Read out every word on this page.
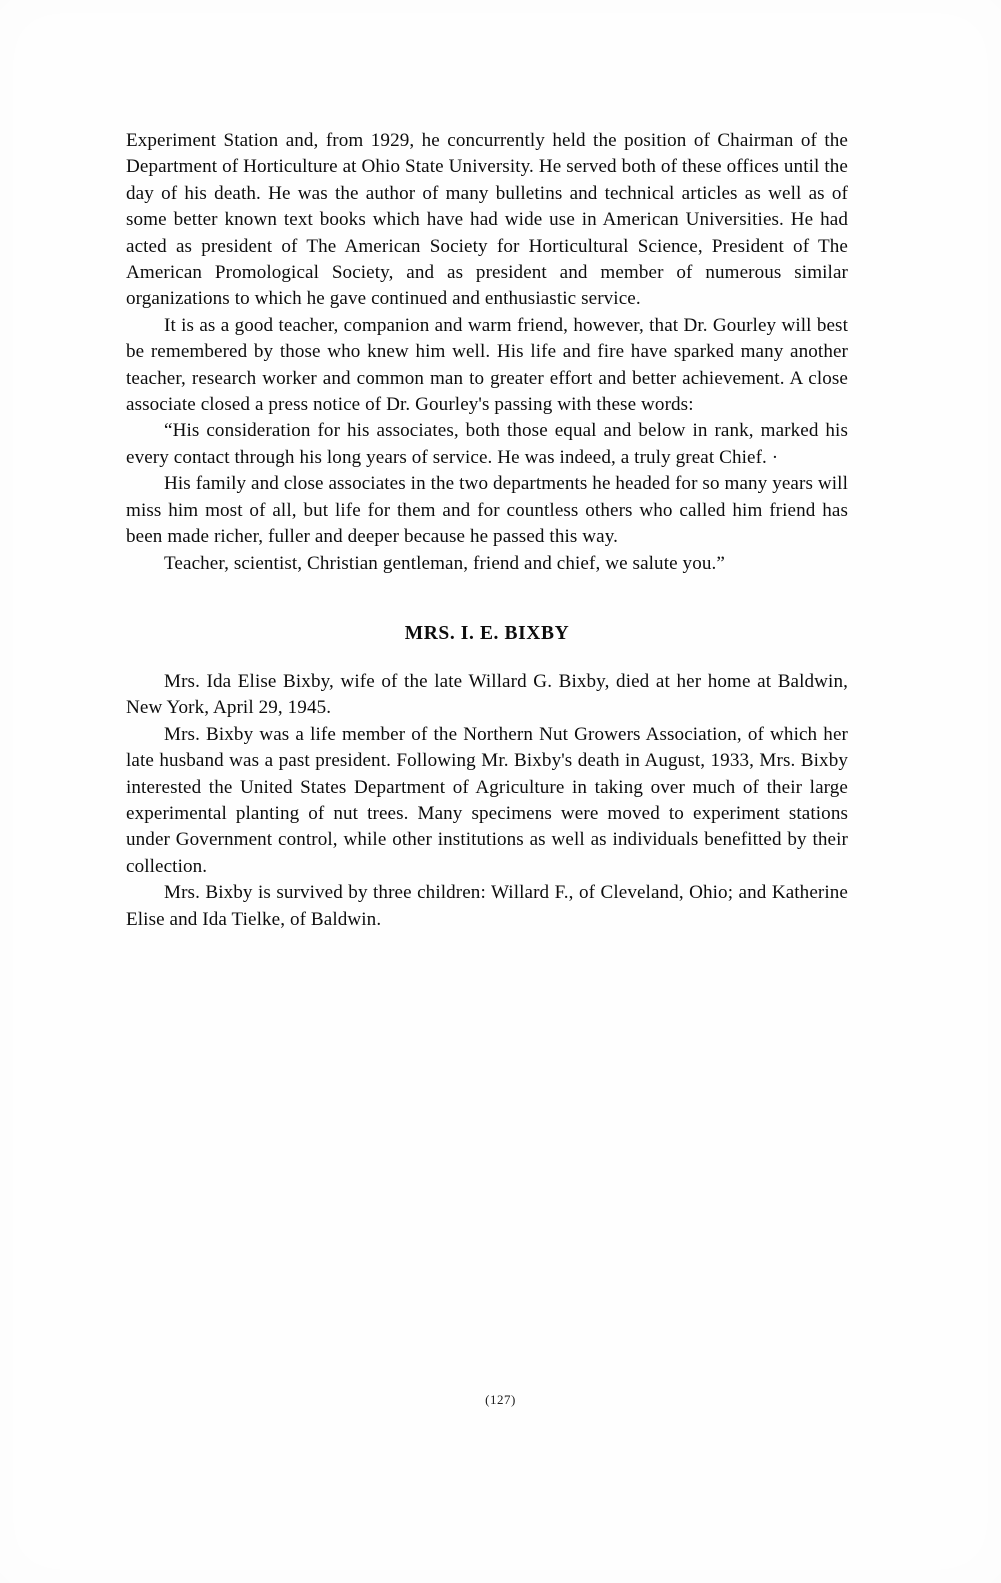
Experiment Station and, from 1929, he concurrently held the position of Chairman of the Department of Horticulture at Ohio State University. He served both of these offices until the day of his death. He was the author of many bulletins and technical articles as well as of some better known text books which have had wide use in American Universities. He had acted as president of The American Society for Horticultural Science, President of The American Promological Society, and as president and member of numerous similar organizations to which he gave continued and enthusiastic service.

It is as a good teacher, companion and warm friend, however, that Dr. Gourley will best be remembered by those who knew him well. His life and fire have sparked many another teacher, research worker and common man to greater effort and better achievement. A close associate closed a press notice of Dr. Gourley's passing with these words:

“His consideration for his associates, both those equal and below in rank, marked his every contact through his long years of service. He was indeed, a truly great Chief. ·

His family and close associates in the two departments he headed for so many years will miss him most of all, but life for them and for countless others who called him friend has been made richer, fuller and deeper because he passed this way.

Teacher, scientist, Christian gentleman, friend and chief, we salute you.”

MRS. I. E. BIXBY

Mrs. Ida Elise Bixby, wife of the late Willard G. Bixby, died at her home at Baldwin, New York, April 29, 1945.

Mrs. Bixby was a life member of the Northern Nut Growers Association, of which her late husband was a past president. Following Mr. Bixby's death in August, 1933, Mrs. Bixby interested the United States Department of Agriculture in taking over much of their large experimental planting of nut trees. Many specimens were moved to experiment stations under Government control, while other institutions as well as individuals benefitted by their collection.

Mrs. Bixby is survived by three children: Willard F., of Cleveland, Ohio; and Katherine Elise and Ida Tielke, of Baldwin.

(127)
